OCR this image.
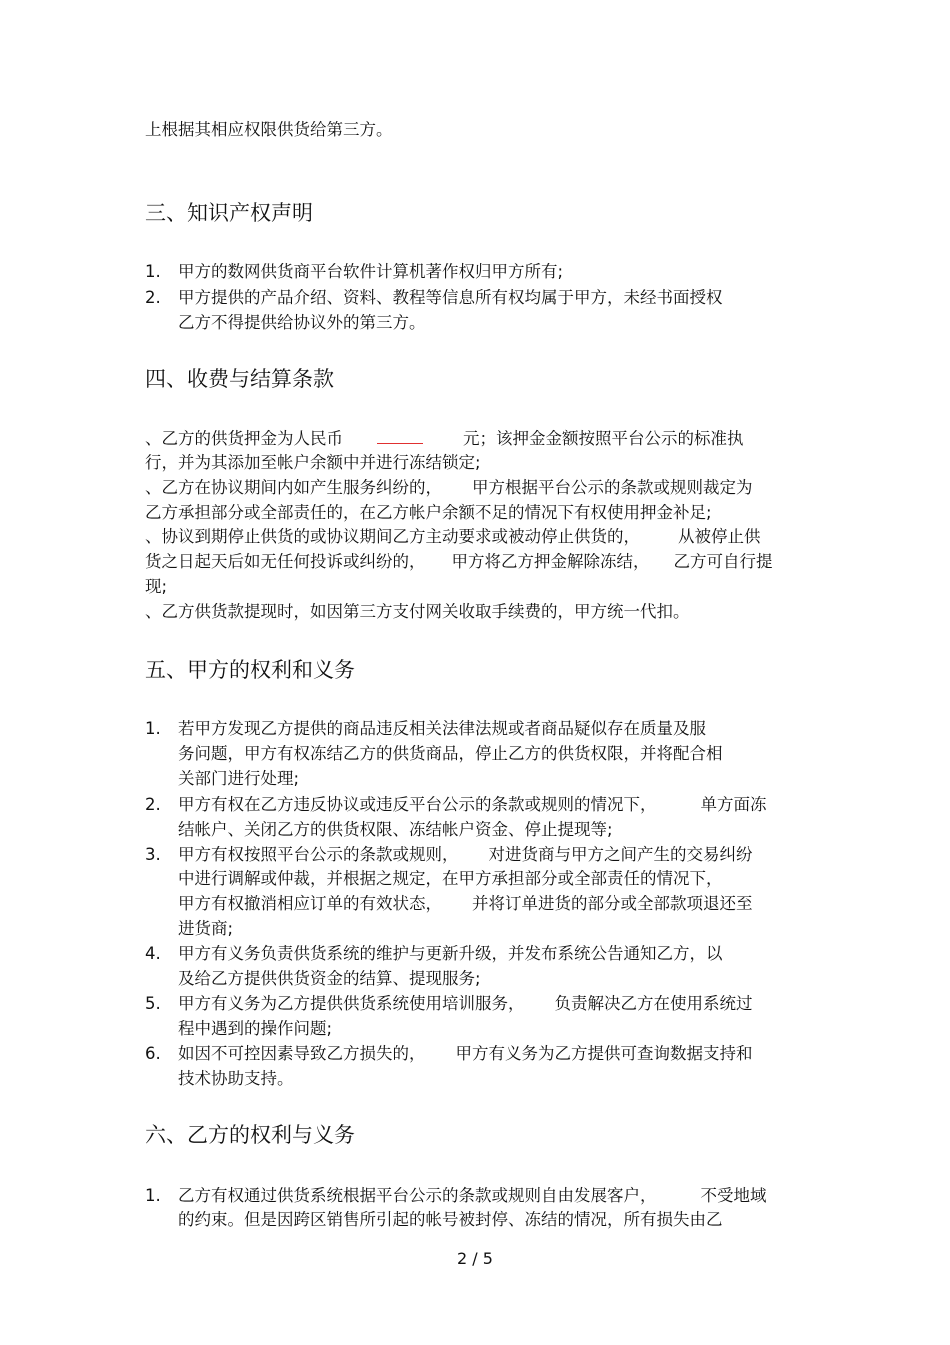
上根据其相应权限供货给第三方。
三、知识产权声明
1. 甲方的数网供货商平台软件计算机著作权归甲方所有;
2. 甲方提供的产品介绍、资料、教程等信息所有权均属于甲方，未经书面授权
乙方不得提供给协议外的第三方。
四、收费与结算条款
、乙方的供货押金为人民币	元；该押金金额按照平台公示的标准执
行，并为其添加至帐户余额中并进行冻结锁定;
、乙方在协议期间内如产生服务纠纷的， 甲方根据平台公示的条款或规则裁定为
乙方承担部分或全部责任的，在乙方帐户余额不足的情况下有权使用押金补足;
、协议到期停止供货的或协议期间乙方主动要求或被动停止供货的， 从被停止供
货之日起天后如无任何投诉或纠纷的， 甲方将乙方押金解除冻结， 乙方可自行提
现;
、乙方供货款提现时，如因第三方支付网关收取手续费的，甲方统一代扣。
五、甲方的权利和义务
1. 若甲方发现乙方提供的商品违反相关法律法规或者商品疑似存在质量及服
务问题，甲方有权冻结乙方的供货商品，停止乙方的供货权限，并将配合相
关部门进行处理;
2. 甲方有权在乙方违反协议或违反平台公示的条款或规则的情况下，	单方面冻
结帐户、关闭乙方的供货权限、冻结帐户资金、停止提现等;
3. 甲方有权按照平台公示的条款或规则， 对进货商与甲方之间产生的交易纠纷
中进行调解或仲裁，并根据之规定，在甲方承担部分或全部责任的情况下，
甲方有权撤消相应订单的有效状态， 并将订单进货的部分或全部款项退还至
进货商;
4. 甲方有义务负责供货系统的维护与更新升级，并发布系统公告通知乙方，以
及给乙方提供供货资金的结算、提现服务;
5. 甲方有义务为乙方提供供货系统使用培训服务， 负责解决乙方在使用系统过
程中遇到的操作问题;
6. 如因不可控因素导致乙方损失的， 甲方有义务为乙方提供可查询数据支持和
技术协助支持。
六、乙方的权利与义务
1. 乙方有权通过供货系统根据平台公示的条款或规则自由发展客户，	不受地域
的约束。但是因跨区销售所引起的帐号被封停、冻结的情况，所有损失由乙
2 / 5
